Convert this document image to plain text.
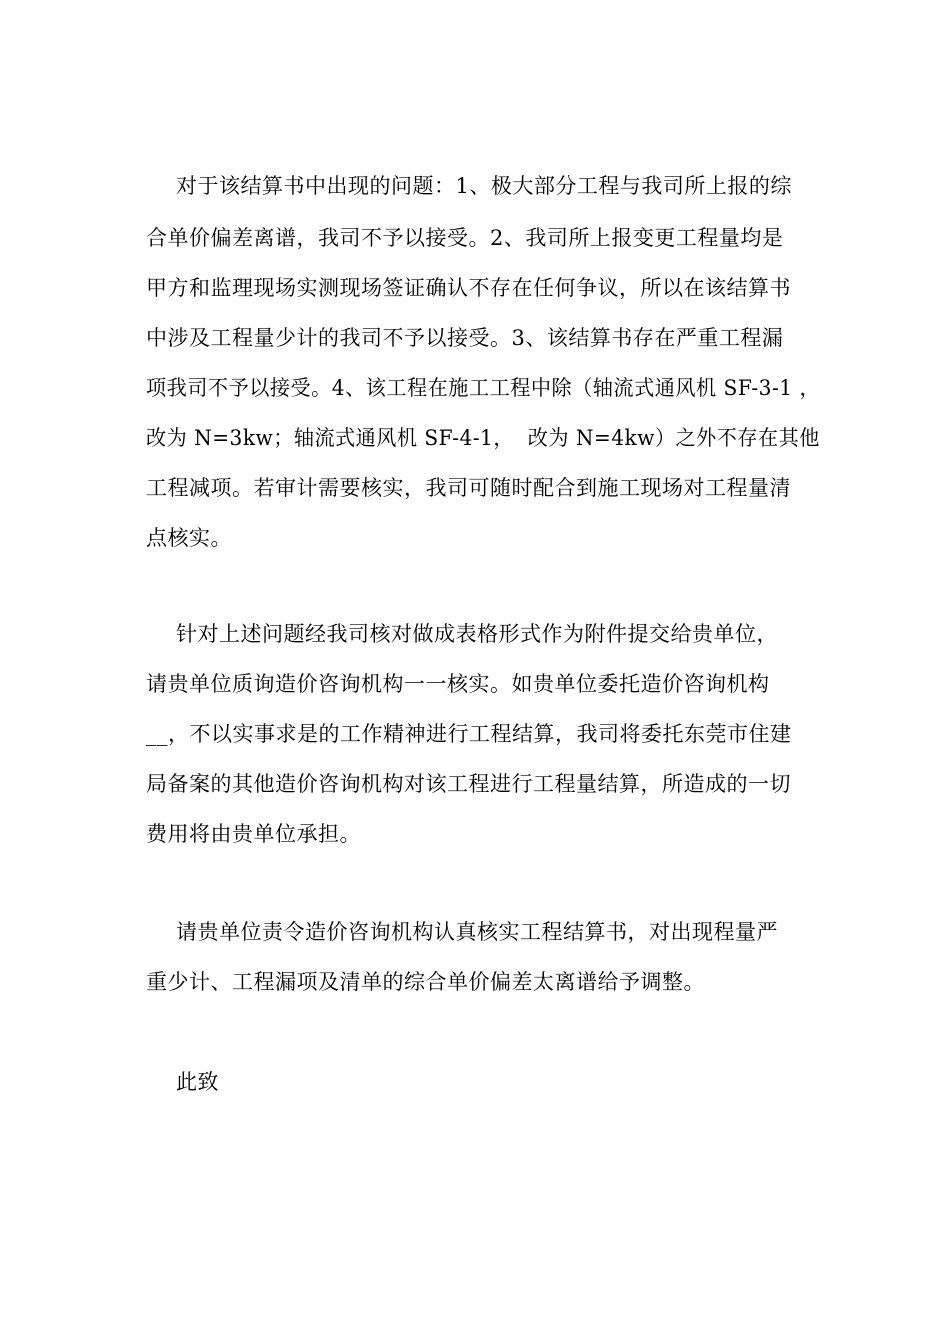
对于该结算书中出现的问题：1、极大部分工程与我司所上报的综
合单价偏差离谱，我司不予以接受。2、我司所上报变更工程量均是
甲方和监理现场实测现场签证确认不存在任何争议，所以在该结算书
中涉及工程量少计的我司不予以接受。3、该结算书存在严重工程漏
项我司不予以接受。4、该工程在施工工程中除（轴流式通风机 SF-3-1 ，
改为 N=3kw；轴流式通风机 SF-4-1，  改为 N=4kw）之外不存在其他
工程减项。若审计需要核实，我司可随时配合到施工现场对工程量清
点核实。
针对上述问题经我司核对做成表格形式作为附件提交给贵单位，
请贵单位质询造价咨询机构一一核实。如贵单位委托造价咨询机构
__，不以实事求是的工作精神进行工程结算，我司将委托东莞市住建
局备案的其他造价咨询机构对该工程进行工程量结算，所造成的一切
费用将由贵单位承担。
请贵单位责令造价咨询机构认真核实工程结算书，对出现程量严
重少计、工程漏项及清单的综合单价偏差太离谱给予调整。
此致
